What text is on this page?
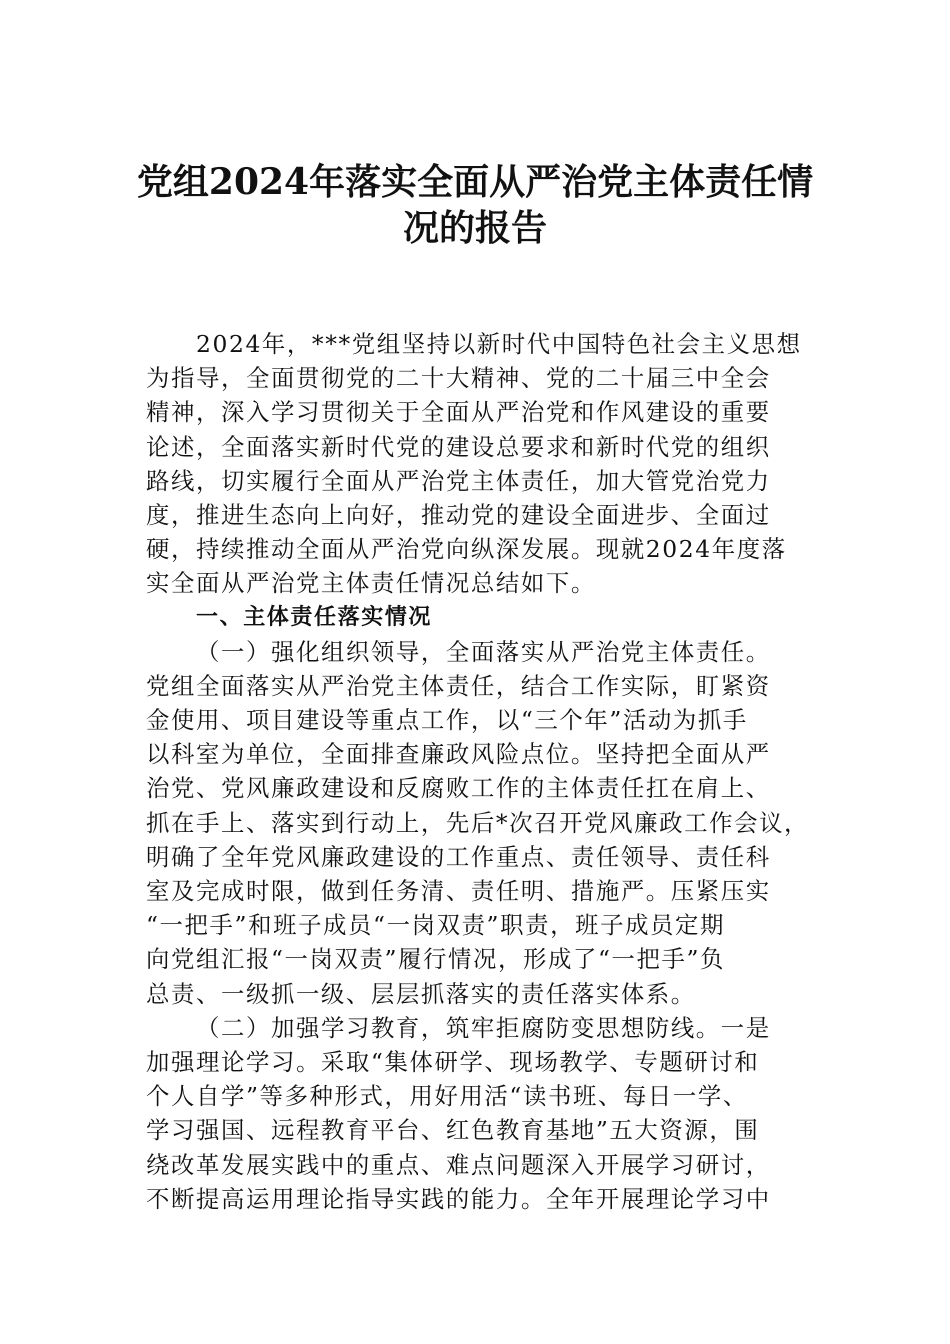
党组2024年落实全面从严治党主体责任情
况的报告
2024年，***党组坚持以新时代中国特色社会主义思想
为指导，全面贯彻党的二十大精神、党的二十届三中全会
精神，深入学习贯彻关于全面从严治党和作风建设的重要
论述，全面落实新时代党的建设总要求和新时代党的组织
路线，切实履行全面从严治党主体责任，加大管党治党力
度，推进生态向上向好，推动党的建设全面进步、全面过
硬，持续推动全面从严治党向纵深发展。现就2024年度落
实全面从严治党主体责任情况总结如下。
一、主体责任落实情况
（一）强化组织领导，全面落实从严治党主体责任。
党组全面落实从严治党主体责任，结合工作实际，盯紧资
金使用、项目建设等重点工作，以“三个年”活动为抓手
以科室为单位，全面排查廉政风险点位。坚持把全面从严
治党、党风廉政建设和反腐败工作的主体责任扛在肩上、
抓在手上、落实到行动上，先后*次召开党风廉政工作会议，
明确了全年党风廉政建设的工作重点、责任领导、责任科
室及完成时限，做到任务清、责任明、措施严。压紧压实
“一把手”和班子成员“一岗双责”职责，班子成员定期
向党组汇报“一岗双责”履行情况，形成了“一把手”负
总责、一级抓一级、层层抓落实的责任落实体系。
（二）加强学习教育，筑牢拒腐防变思想防线。一是
加强理论学习。采取“集体研学、现场教学、专题研讨和
个人自学”等多种形式，用好用活“读书班、每日一学、
学习强国、远程教育平台、红色教育基地”五大资源，围
绕改革发展实践中的重点、难点问题深入开展学习研讨，
不断提高运用理论指导实践的能力。全年开展理论学习中
